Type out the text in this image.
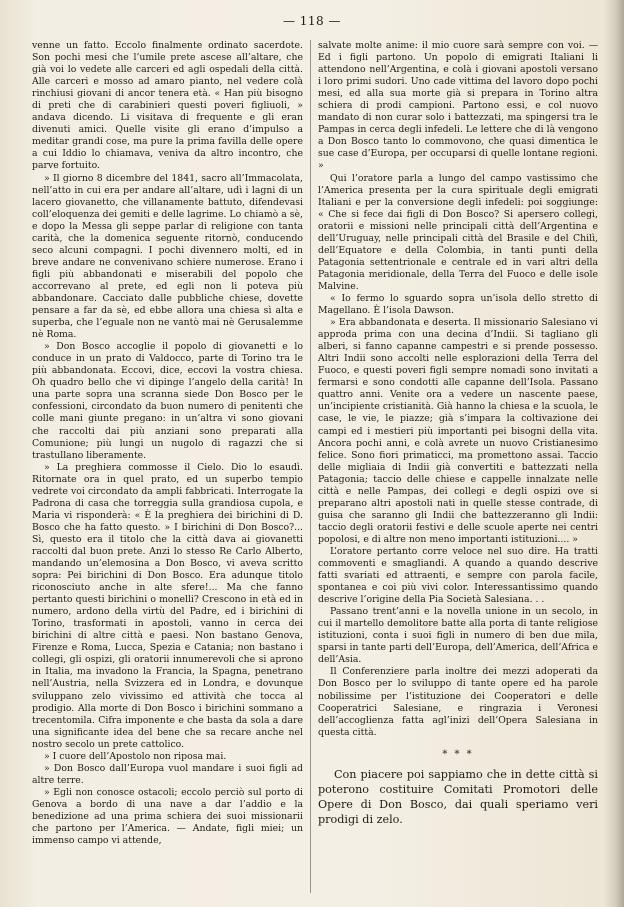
— 118 —

venne un fatto. Eccolo finalmente ordinato sacerdote. Son pochi mesi che l’umile prete ascese all’altare, che già voi lo vedete alle carceri ed agli ospedali della città. Alle carceri e mosso ad amaro pianto, nel vedere colà rinchiusi giovani di ancor tenera età. « Han più bisogno di preti che di carabinieri questi poveri figliuoli, » andava dicendo. Li visitava di frequente e gli eran divenuti amici. Quelle visite gli erano d’impulso a meditar grandi cose, ma pure la prima favilla delle opere a cui Iddio lo chiamava, veniva da altro incontro, che parve fortuito.

» Il giorno 8 dicembre del 1841, sacro all’Immacolata, nell’atto in cui era per andare all’altare, udì i lagni di un lacero giovanetto, che villanamente battuto, difendevasi coll’eloquenza dei gemiti e delle lagrime. Lo chiamò a sè, e dopo la Messa gli seppe parlar di religione con tanta carità, che la domenica seguente ritornò, conducendo seco alcuni compagni. I pochi divennero molti, ed in breve andare ne convenivano schiere numerose. Erano i figli più abbandonati e miserabili del popolo che accorrevano al prete, ed egli non li poteva più abbandonare. Cacciato dalle pubbliche chiese, dovette pensare a far da sè, ed ebbe allora una chiesa sì alta e superba, che l’eguale non ne vantò mai nè Gerusalemme nè Roma.

» Don Bosco accoglie il popolo di giovanetti e lo conduce in un prato di Valdocco, parte di Torino tra le più abbandonata. Eccovi, dice, eccovi la vostra chiesa. Oh quadro bello che vi dipinge l’angelo della carità! In una parte sopra una scranna siede Don Bosco per le confessioni, circondato da buon numero di penitenti che colle mani giunte pregano: in un’altra vi sono giovani che raccolti dai più anziani sono preparati alla Comunione; più lungi un nugolo di ragazzi che si trastullano liberamente.

» La preghiera commosse il Cielo. Dio lo esaudì. Ritornate ora in quel prato, ed un superbo tempio vedrete voi circondato da ampli fabbricati. Interrogate la Padrona di casa che torreggia sulla grandiosa cupola, e Maria vi risponderà: « È la preghiera dei birichini di D. Bosco che ha fatto questo. » I birichini di Don Bosco?... Sì, questo era il titolo che la città dava ai giovanetti raccolti dal buon prete. Anzi lo stesso Re Carlo Alberto, mandando un’elemosina a Don Bosco, vi aveva scritto sopra: Pei birichini di Don Bosco. Era adunque titolo riconosciuto anche in alte sfere!... Ma che fanno pertanto questi birichini o monelli? Crescono in età ed in numero, ardono della virtù del Padre, ed i birichini di Torino, trasformati in apostoli, vanno in cerca dei birichini di altre città e paesi. Non bastano Genova, Firenze e Roma, Lucca, Spezia e Catania; non bastano i collegi, gli ospizi, gli oratorii innumerevoli che si aprono in Italia, ma invadono la Francia, la Spagna, penetrano nell’Austria, nella Svizzera ed in Londra, e dovunque sviluppano zelo vivissimo ed attività che tocca al prodigio. Alla morte di Don Bosco i birichini sommano a trecentomila. Cifra imponente e che basta da sola a dare una significante idea del bene che sa recare anche nel nostro secolo un prete cattolico.

» I cuore dell’Apostolo non riposa mai.

» Don Bosco dall’Europa vuol mandare i suoi figli ad altre terre.

» Egli non conosce ostacoli; eccolo perciò sul porto di Genova a bordo di una nave a dar l’addio e la benedizione ad una prima schiera dei suoi missionarii che partono per l’America. — Andate, figli miei; un immenso campo vi attende,

salvate molte anime: il mio cuore sarà sempre con voi. — Ed i figli partono. Un popolo di emigrati Italiani li attendono nell’Argentina, e colà i giovani apostoli versano i loro primi sudori. Uno cade vittima del lavoro dopo pochi mesi, ed alla sua morte già si prepara in Torino altra schiera di prodi campioni. Partono essi, e col nuovo mandato di non curar solo i battezzati, ma spingersi tra le Pampas in cerca degli infedeli. Le lettere che di là vengono a Don Bosco tanto lo commovono, che quasi dimentica le sue case d’Europa, per occuparsi di quelle lontane regioni. »

Qui l’oratore parla a lungo del campo vastissimo che l’America presenta per la cura spirituale degli emigrati Italiani e per la conversione degli infedeli: poi soggiunge: « Che si fece dai figli di Don Bosco? Si apersero collegi, oratorii e missioni nelle principali città dell’Argentina e dell’Uruguay, nelle principali città del Brasile e del Chilì, dell’Equatore e della Colombia, in tanti punti della Patagonia settentrionale e centrale ed in vari altri della Patagonia meridionale, della Terra del Fuoco e delle isole Malvine.

« Io fermo lo sguardo sopra un’isola dello stretto di Magellano. È l’isola Dawson.

» Era abbandonata e deserta. Il missionario Salesiano vi approda prima con una decina d’Indii. Si tagliano gli alberi, si fanno capanne campestri e si prende possesso. Altri Indii sono accolti nelle esplorazioni della Terra del Fuoco, e questi poveri figli sempre nomadi sono invitati a fermarsi e sono condotti alle capanne dell’Isola. Passano quattro anni. Venite ora a vedere un nascente paese, un’incipiente cristianità. Già hanno la chiesa e la scuola, le case, le vie, le piazze; già s’impara la coltivazione dei campi ed i mestieri più importanti pei bisogni della vita. Ancora pochi anni, e colà avrete un nuovo Cristianesimo felice. Sono fiori primaticci, ma promettono assai. Taccio delle migliaia di Indii già convertiti e battezzati nella Patagonia; taccio delle chiese e cappelle innalzate nelle città e nelle Pampas, dei collegi e degli ospizi ove si preparano altri apostoli nati in quelle stesse contrade, di guisa che saranno gli Indii che battezzeranno gli Indii: taccio degli oratorii festivi e delle scuole aperte nei centri popolosi, e di altre non meno importanti istituzioni.... »

L’oratore pertanto corre veloce nel suo dire. Ha tratti commoventi e smagliandi. A quando a quando descrive fatti svariati ed attraenti, e sempre con parola facile, spontanea e coi più vivi color. Interessantissimo quando descrive l’origine della Pia Società Salesiana. . .

Passano trent’anni e la novella unione in un secolo, in cui il martello demolitore batte alla porta di tante religiose istituzioni, conta i suoi figli in numero di ben due mila, sparsi in tante parti dell’Europa, dell’America, dell’Africa e dell’Asia.

Il Conferenziere parla inoltre dei mezzi adoperati da Don Bosco per lo sviluppo di tante opere ed ha parole nobilissime per l’istituzione dei Cooperatori e delle Cooperatrici Salesiane, e ringrazia i Veronesi dell’accoglienza fatta agl’inizi dell’Opera Salesiana in questa città.

* * *

Con piacere poi sappiamo che in dette città si poterono costituire Comitati Promotori delle Opere di Don Bosco, dai quali speriamo veri prodigi di zelo.
